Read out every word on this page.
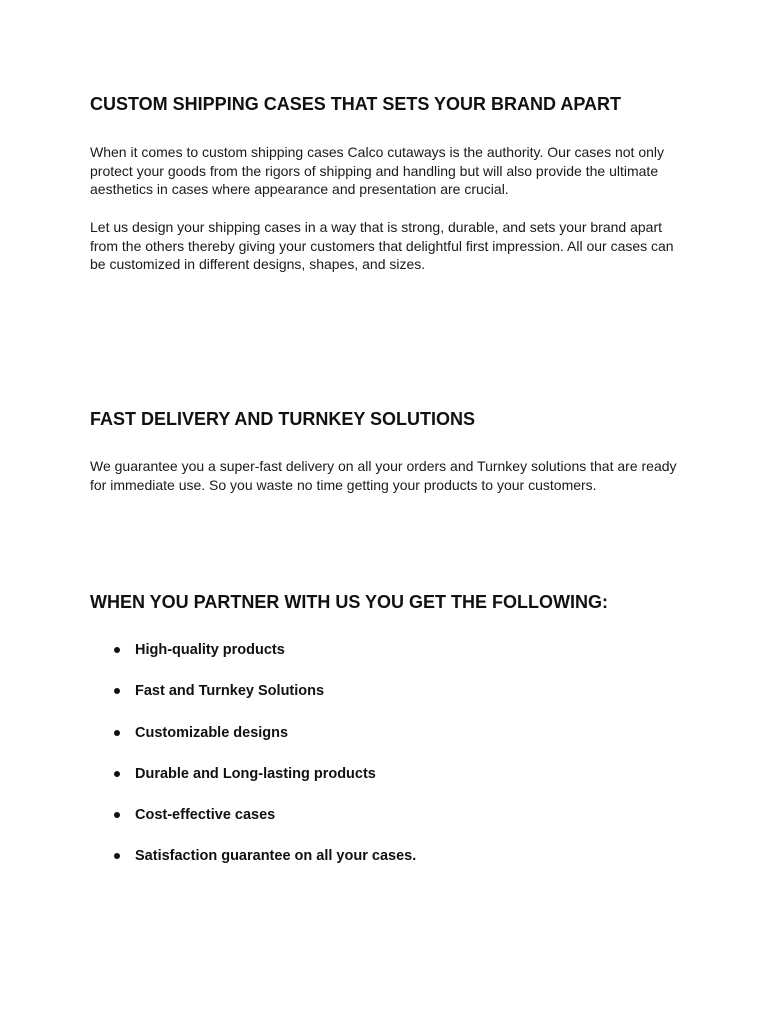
CUSTOM SHIPPING CASES THAT SETS YOUR BRAND APART

When it comes to custom shipping cases Calco cutaways is the authority. Our cases not only
protect your goods from the rigors of shipping and handling but will also provide the ultimate
aesthetics in cases where appearance and presentation are crucial.

Let us design your shipping cases in a way that is strong, durable, and sets your brand apart
from the others thereby giving your customers that delightful first impression. All our cases can
be customized in different designs, shapes, and sizes.

FAST DELIVERY AND TURNKEY SOLUTIONS

We guarantee you a super-fast delivery on all your orders and Turnkey solutions that are ready
for immediate use. So you waste no time getting your products to your customers.

WHEN YOU PARTNER WITH US YOU GET THE FOLLOWING:
High-quality products
Fast and Turnkey Solutions
Customizable designs
Durable and Long-lasting products
Cost-effective cases
Satisfaction guarantee on all your cases.
